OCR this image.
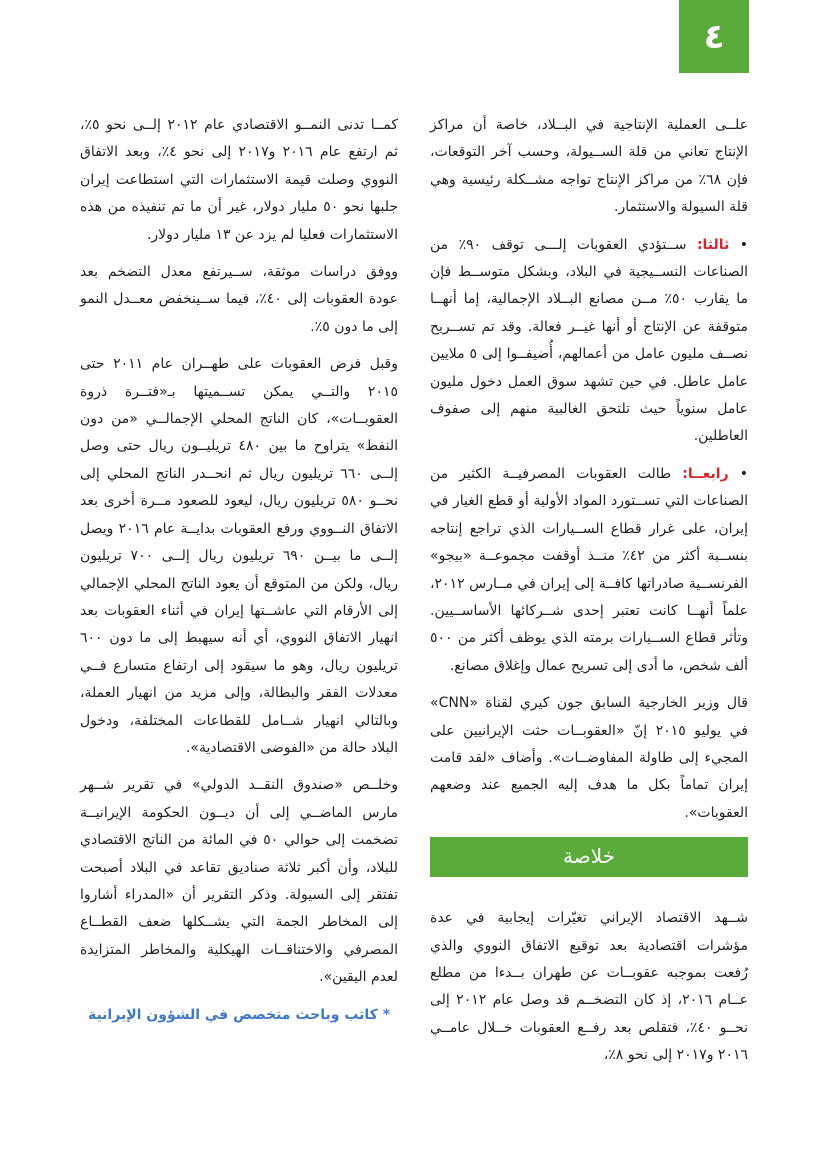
٤

علــى العملية الإنتاجية في البــلاد، خاصة أن مراكز الإنتاج تعاني من قلة الســيولة، وحسب آخر التوقعات، فإن ٦٨٪ من مراكز الإنتاج تواجه مشــكلة رئيسية وهي قلة السيولة والاستثمار.

• ثالثا: ســتؤدي العقوبات إلـــى توقف ٩٠٪ من الصناعات النســيجية في البلاد، وبشكل متوســط فإن ما يقارب ٥٠٪ مــن مصانع البــلاد الإجمالية، إما أنهــا متوقفة عن الإنتاج أو أنها غيــر فعالة. وقد تم تســريح نصــف مليون عامل من أعمالهم، أُضيفــوا إلى ٥ ملايين عامل عاطل. في حين تشهد سوق العمل دخول مليون عامل سنوياً حيث تلتحق الغالبية منهم إلى صفوف العاطلين.

• رابعــا: طالت العقوبات المصرفيــة الكثير من الصناعات التي تســتورد المواد الأولية أو قطع الغيار في إيران، على غرار قطاع الســيارات الذي تراجع إنتاجه بنســبة أكثر من ٤٢٪ منــذ أوقفت مجموعــة «بيجو» الفرنســية صادراتها كافــة إلى إيران في مــارس ٢٠١٢، علماً أنهــا كانت تعتبر إحدى شــركائها الأساســيين. وتأثر قطاع الســيارات برمته الذي يوظف أكثر من ٥٠٠ ألف شخص، ما أدى إلى تسريح عمال وإغلاق مصانع.

قال وزير الخارجية السابق جون كيري لقناة «CNN» في يوليو ٢٠١٥ إنّ «العقوبــات حثت الإيرانيين على المجيء إلى طاولة المفاوضــات». وأضاف «لقد قامت إيران تماماً بكل ما هدف إليه الجميع عند وضعهم العقوبات».

خلاصة

شــهد الاقتصاد الإيراني تغيّرات إيجابية في عدة مؤشرات اقتصادية بعد توقيع الاتفاق النووي والذي رُفعت بموجبه عقوبــات عن طهران بــدءا من مطلع عــام ٢٠١٦، إذ كان التضخــم قد وصل عام ٢٠١٢ إلى نحــو ٤٠٪، فتقلص بعد رفــع العقوبات خــلال عامــي ٢٠١٦ و٢٠١٧ إلى نحو ٨٪،

كمــا تدنى النمــو الاقتصادي عام ٢٠١٢ إلــى نحو ٥٪، ثم ارتفع عام ٢٠١٦ و٢٠١٧ إلى نحو ٤٪، وبعد الاتفاق النووي وصلت قيمة الاستثمارات التي استطاعت إيران جلبها نحو ٥٠ مليار دولار، غير أن ما تم تنفيذه من هذه الاستثمارات فعليا لم يزد عن ١٣ مليار دولار.

ووفق دراسات موثقة، ســيرتفع معدل التضخم بعد عودة العقوبات إلى ٤٠٪، فيما ســينخفض معــدل النمو إلى ما دون ٥٪.

وقبل فرض العقوبات على طهــران عام ٢٠١١ حتى ٢٠١٥ والتــي يمكن تســميتها بـ«فتــرة ذروة العقوبــات»، كان الناتج المحلي الإجمالــي «من دون النفط» يتراوح ما بين ٤٨٠ تريليــون ريال حتى وصل إلــى ٦٦٠ تريليون ريال ثم انحــدر الناتج المحلي إلى نحــو ٥٨٠ تريليون ريال، ليعود للصعود مــرة أخرى بعد الاتفاق النــووي ورفع العقوبات بدايــة عام ٢٠١٦ ويصل إلــى ما بيــن ٦٩٠ تريليون ريال إلــى ٧٠٠ تريليون ريال، ولكن من المتوقع أن يعود الناتج المحلي الإجمالي إلى الأرقام التي عاشــتها إيران في أثناء العقوبات بعد انهيار الاتفاق النووي، أي أنه سيهبط إلى ما دون ٦٠٠ تريليون ريال، وهو ما سيقود إلى ارتفاع متسارع فــي معدلات الفقر والبطالة، وإلى مزيد من انهيار العملة، وبالتالي انهيار شــامل للقطاعات المختلفة، ودخول البلاد حالة من «الفوضى الاقتصادية».

وخلــص «صندوق النقــد الدولي» في تقرير شــهر مارس الماضــي إلى أن ديــون الحكومة الإيرانيــة تضخمت إلى حوالي ٥٠ في المائة من الناتج الاقتصادي للبلاد، وأن أكبر ثلاثة صناديق تقاعد في البلاد أصبحت تفتقر إلى السيولة. وذكر التقرير أن «المدراء أشاروا إلى المخاطر الجمة التي يشــكلها ضعف القطــاع المصرفي والاختناقــات الهيكلية والمخاطر المتزايدة لعدم اليقين».

* كاتب وباحث متخصص في الشؤون الإيرانية
